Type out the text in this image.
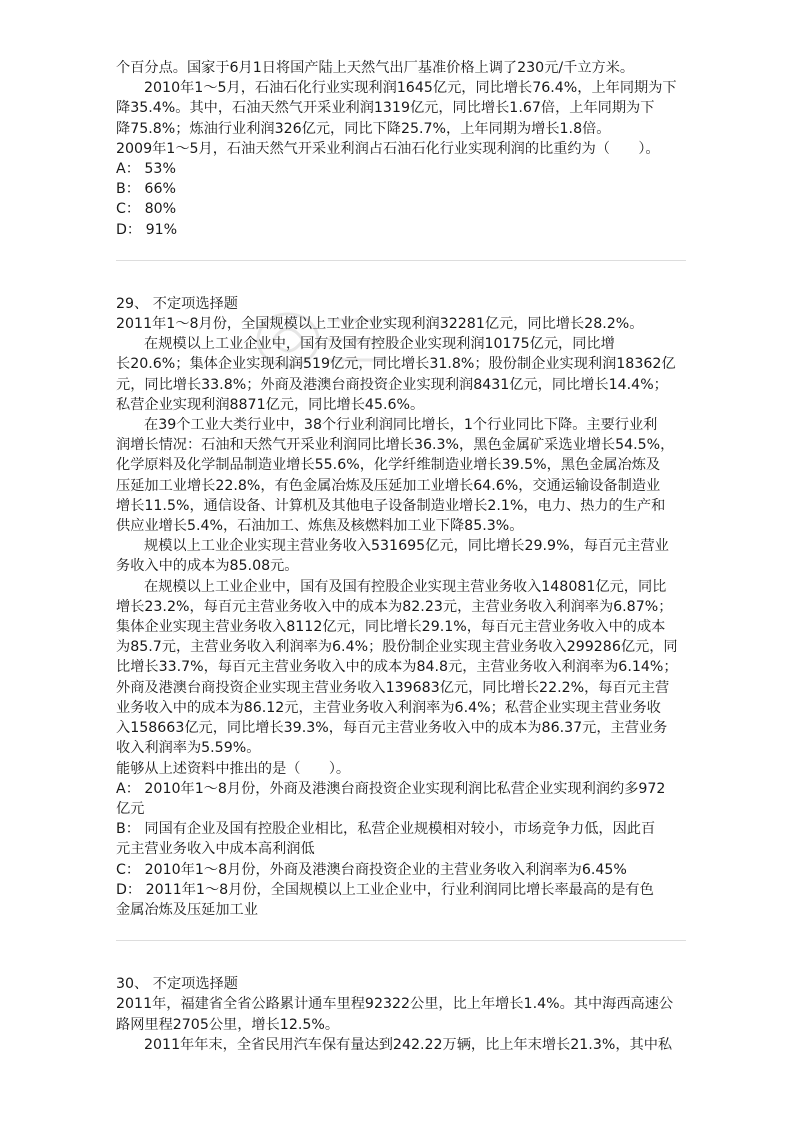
个百分点。国家于6月1日将国产陆上天然气出厂基准价格上调了230元/千立方米。

2010年1～5月，石油石化行业实现利润1645亿元，同比增长76.4%，上年同期为下

降35.4%。其中，石油天然气开采业利润1319亿元，同比增长1.67倍，上年同期为下

降75.8%；炼油行业利润326亿元，同比下降25.7%，上年同期为增长1.8倍。

2009年1～5月，石油天然气开采业利润占石油石化行业实现利润的比重约为（　　）。

A： 53%

B： 66%

C： 80%

D： 91%

29、 不定项选择题

2011年1～8月份，全国规模以上工业企业实现利润32281亿元，同比增长28.2%。

在规模以上工业企业中，国有及国有控股企业实现利润10175亿元，同比增

长20.6%；集体企业实现利润519亿元，同比增长31.8%；股份制企业实现利润18362亿

元，同比增长33.8%；外商及港澳台商投资企业实现利润8431亿元，同比增长14.4%；

私营企业实现利润8871亿元，同比增长45.6%。

在39个工业大类行业中，38个行业利润同比增长，1个行业同比下降。主要行业利

润增长情况：石油和天然气开采业利润同比增长36.3%，黑色金属矿采选业增长54.5%，

化学原料及化学制品制造业增长55.6%，化学纤维制造业增长39.5%，黑色金属冶炼及

压延加工业增长22.8%，有色金属冶炼及压延加工业增长64.6%，交通运输设备制造业

增长11.5%，通信设备、计算机及其他电子设备制造业增长2.1%，电力、热力的生产和

供应业增长5.4%，石油加工、炼焦及核燃料加工业下降85.3%。

规模以上工业企业实现主营业务收入531695亿元，同比增长29.9%，每百元主营业

务收入中的成本为85.08元。

在规模以上工业企业中，国有及国有控股企业实现主营业务收入148081亿元，同比

增长23.2%，每百元主营业务收入中的成本为82.23元，主营业务收入利润率为6.87%；

集体企业实现主营业务收入8112亿元，同比增长29.1%，每百元主营业务收入中的成本

为85.7元，主营业务收入利润率为6.4%；股份制企业实现主营业务收入299286亿元，同

比增长33.7%，每百元主营业务收入中的成本为84.8元，主营业务收入利润率为6.14%；

外商及港澳台商投资企业实现主营业务收入139683亿元，同比增长22.2%，每百元主营

业务收入中的成本为86.12元，主营业务收入利润率为6.4%；私营企业实现主营业务收

入158663亿元，同比增长39.3%，每百元主营业务收入中的成本为86.37元，主营业务

收入利润率为5.59%。

能够从上述资料中推出的是（　　）。

A： 2010年1～8月份，外商及港澳台商投资企业实现利润比私营企业实现利润约多972

亿元

B： 同国有企业及国有控股企业相比，私营企业规模相对较小，市场竞争力低，因此百

元主营业务收入中成本高利润低

C： 2010年1～8月份，外商及港澳台商投资企业的主营业务收入利润率为6.45%

D： 2011年1～8月份，全国规模以上工业企业中，行业利润同比增长率最高的是有色

金属冶炼及压延加工业

30、 不定项选择题

2011年，福建省全省公路累计通车里程92322公里，比上年增长1.4%。其中海西高速公

路网里程2705公里，增长12.5%。

2011年年末，全省民用汽车保有量达到242.22万辆，比上年末增长21.3%，其中私
